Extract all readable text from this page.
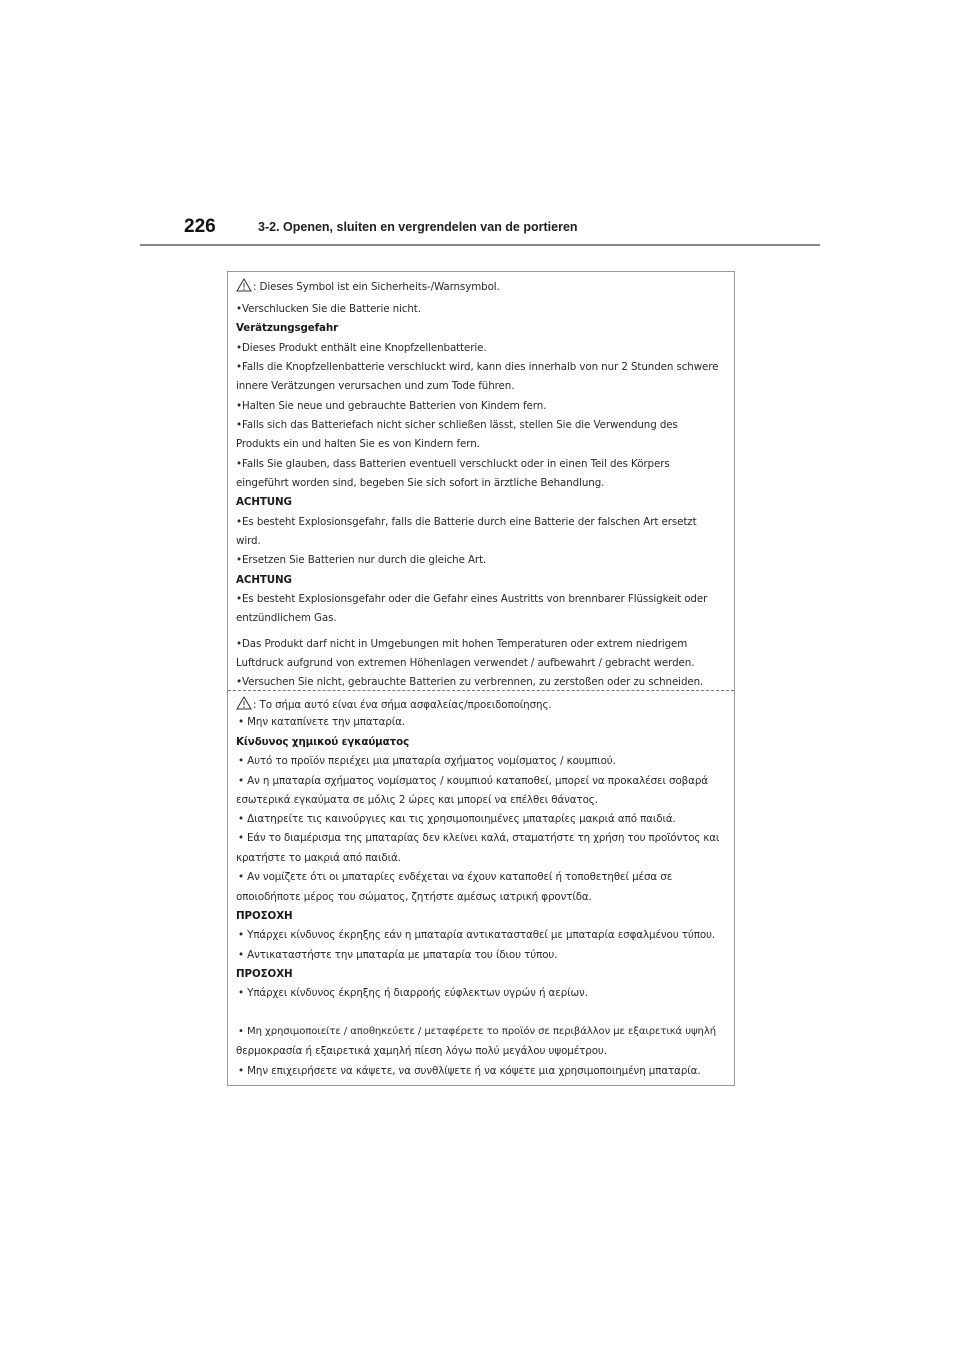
226	3-2. Openen, sluiten en vergrendelen van de portieren
: Dieses Symbol ist ein Sicherheits-/Warnsymbol.
•Verschlucken Sie die Batterie nicht.
Verätzungsgefahr
•Dieses Produkt enthält eine Knopfzellenbatterie.
•Falls die Knopfzellenbatterie verschluckt wird, kann dies innerhalb von nur 2 Stunden schwere
innere Verätzungen verursachen und zum Tode führen.
•Halten Sie neue und gebrauchte Batterien von Kindern fern.
•Falls sich das Batteriefach nicht sicher schließen lässt, stellen Sie die Verwendung des
Produkts ein und halten Sie es von Kindern fern.
•Falls Sie glauben, dass Batterien eventuell verschluckt oder in einen Teil des Körpers
eingeführt worden sind, begeben Sie sich sofort in ärztliche Behandlung.
ACHTUNG
•Es besteht Explosionsgefahr, falls die Batterie durch eine Batterie der falschen Art ersetzt
wird.
•Ersetzen Sie Batterien nur durch die gleiche Art.
ACHTUNG
•Es besteht Explosionsgefahr oder die Gefahr eines Austritts von brennbarer Flüssigkeit oder
entzündlichem Gas.
•Das Produkt darf nicht in Umgebungen mit hohen Temperaturen oder extrem niedrigem
Luftdruck aufgrund von extremen Höhenlagen verwendet / aufbewahrt / gebracht werden.
•Versuchen Sie nicht, gebrauchte Batterien zu verbrennen, zu zerstoßen oder zu schneiden.
: Το σήμα αυτό είναι ένα σήμα ασφαλείας/προειδοποίησης.
• Μην καταπίνετε την μπαταρία.
Κίνδυνος χημικού εγκαύματος
• Αυτό το προϊόν περιέχει μια μπαταρία σχήματος νομίσματος / κουμπιού.
• Αν η μπαταρία σχήματος νομίσματος / κουμπιού καταποθεί, μπορεί να προκαλέσει σοβαρά
εσωτερικά εγκαύματα σε μόλις 2 ώρες και μπορεί να επέλθει θάνατος.
• Διατηρείτε τις καινούργιες και τις χρησιμοποιημένες μπαταρίες μακριά από παιδιά.
• Εάν το διαμέρισμα της μπαταρίας δεν κλείνει καλά, σταματήστε τη χρήση του προϊόντος και
κρατήστε το μακριά από παιδιά.
• Αν νομίζετε ότι οι μπαταρίες ενδέχεται να έχουν καταποθεί ή τοποθετηθεί μέσα σε
οποιοδήποτε μέρος του σώματος, ζητήστε αμέσως ιατρική φροντίδα.
ΠΡΟΣΟΧΗ
• Υπάρχει κίνδυνος έκρηξης εάν η μπαταρία αντικατασταθεί με μπαταρία εσφαλμένου τύπου.
• Αντικαταστήστε την μπαταρία με μπαταρία του ίδιου τύπου.
ΠΡΟΣΟΧΗ
• Υπάρχει κίνδυνος έκρηξης ή διαρροής εύφλεκτων υγρών ή αερίων.
• Μη χρησιμοποιείτε / αποθηκεύετε / μεταφέρετε το προϊόν σε περιβάλλον με εξαιρετικά υψηλή
θερμοκρασία ή εξαιρετικά χαμηλή πίεση λόγω πολύ μεγάλου υψομέτρου.
• Μην επιχειρήσετε να κάψετε, να συνθλίψετε ή να κόψετε μια χρησιμοποιημένη μπαταρία.
